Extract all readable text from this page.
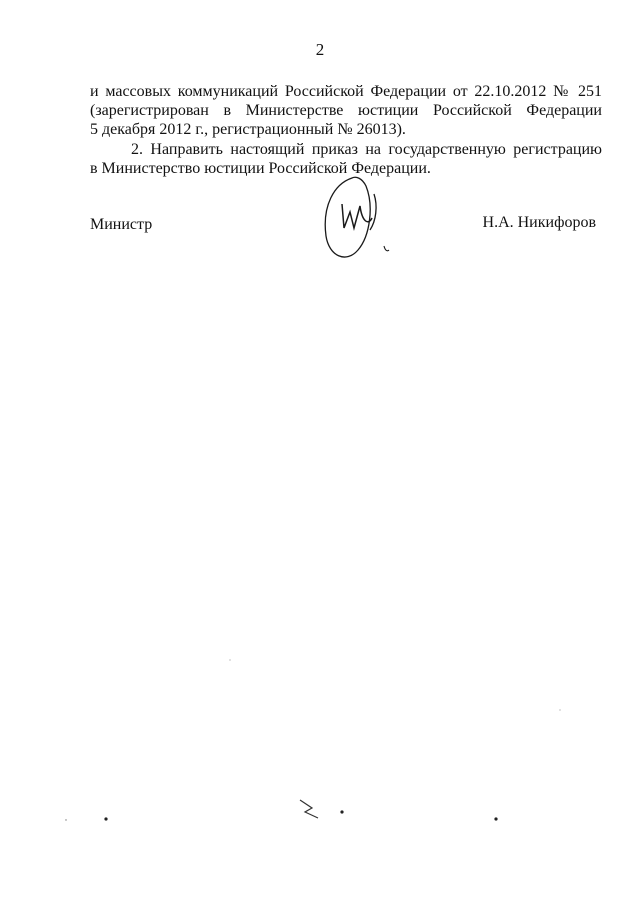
2
и массовых коммуникаций Российской Федерации от 22.10.2012 № 251
(зарегистрирован в Министерстве юстиции Российской Федерации
5 декабря 2012 г., регистрационный № 26013).
2. Направить настоящий приказ на государственную регистрацию
в Министерство юстиции Российской Федерации.
Министр	Н.А. Никифоров
